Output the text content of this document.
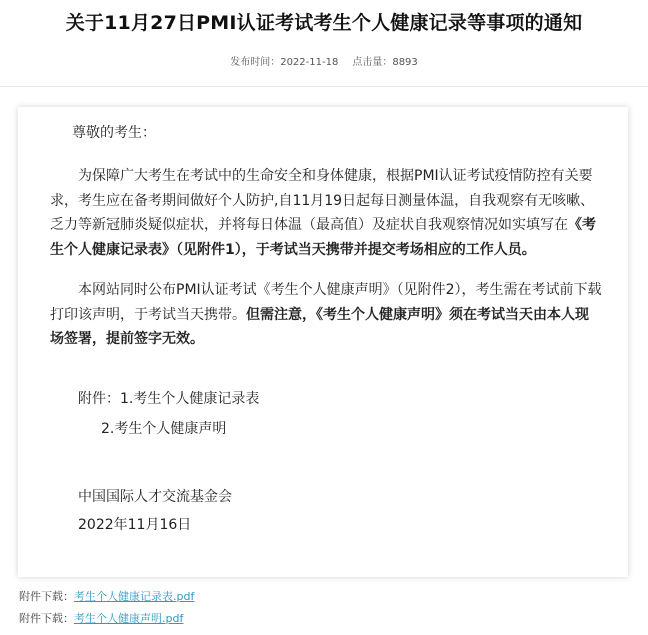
关于11月27日PMI认证考试考生个人健康记录等事项的通知
发布时间：2022-11-18 点击量：8893
尊敬的考生：

为保障广大考生在考试中的生命安全和身体健康，根据PMI认证考试疫情防控有关要求，考生应在备考期间做好个人防护,自11月19日起每日测量体温，自我观察有无咳嗽、乏力等新冠肺炎疑似症状，并将每日体温（最高值）及症状自我观察情况如实填写在《考生个人健康记录表》（见附件1），于考试当天携带并提交考场相应的工作人员。

本网站同时公布PMI认证考试《考生个人健康声明》（见附件2），考生需在考试前下载打印该声明，于考试当天携带。但需注意，《考生个人健康声明》须在考试当天由本人现场签署，提前签字无效。

附件：1.考生个人健康记录表
2.考生个人健康声明
中国国际人才交流基金会
2022年11月16日
附件下载：考生个人健康记录表.pdf
附件下载：考生个人健康声明.pdf
